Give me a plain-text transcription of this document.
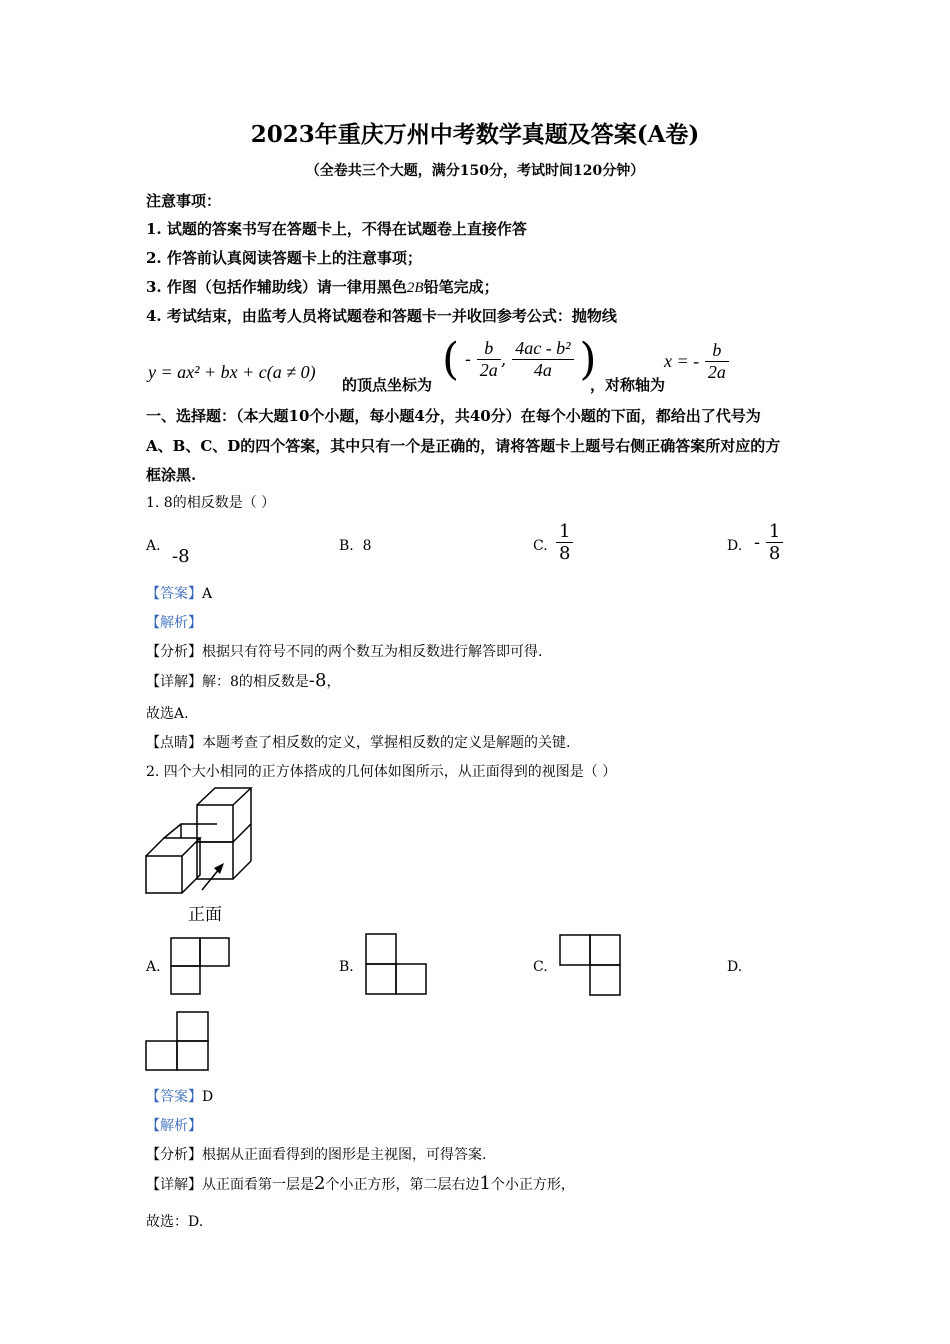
2023年重庆万州中考数学真题及答案(A卷)
（全卷共三个大题，满分150分，考试时间120分钟）
注意事项：
1. 试题的答案书写在答题卡上，不得在试题卷上直接作答
2. 作答前认真阅读答题卡上的注意事项；
3. 作图（包括作辅助线）请一律用黑色2B铅笔完成；
4. 考试结束，由监考人员将试题卷和答题卡一并收回参考公式：抛物线
y = ax² + bx + c(a ≠ 0)
的顶点坐标为 ( - $\frac{b}{2a}$ , $\frac{\text{4ac - b²}}{4a}$ )
，对称轴为
x = - $\frac{b}{2a}$
一、选择题：（本大题10个小题，每小题4分，共40分）在每个小题的下面，都给出了代号为
A、B、C、D的四个答案，其中只有一个是正确的，请将答题卡上题号右侧正确答案所对应的方
框涂黑.
1. 8的相反数是（ ）
A. -8	B. 8	C. $\frac{1}{8}$	D. - $\frac{1}{8}$
【答案】A
【解析】
【分析】根据只有符号不同的两个数互为相反数进行解答即可得.
【详解】解：8的相反数是-8，
故选A.
【点睛】本题考查了相反数的定义，掌握相反数的定义是解题的关键.
2. 四个大小相同的正方体搭成的几何体如图所示，从正面得到的视图是（ ）
正面
A.	B.	C.	D.
【答案】D
【解析】
【分析】根据从正面看得到的图形是主视图，可得答案.
【详解】从正面看第一层是2个小正方形，第二层右边1个小正方形，
故选：D.
